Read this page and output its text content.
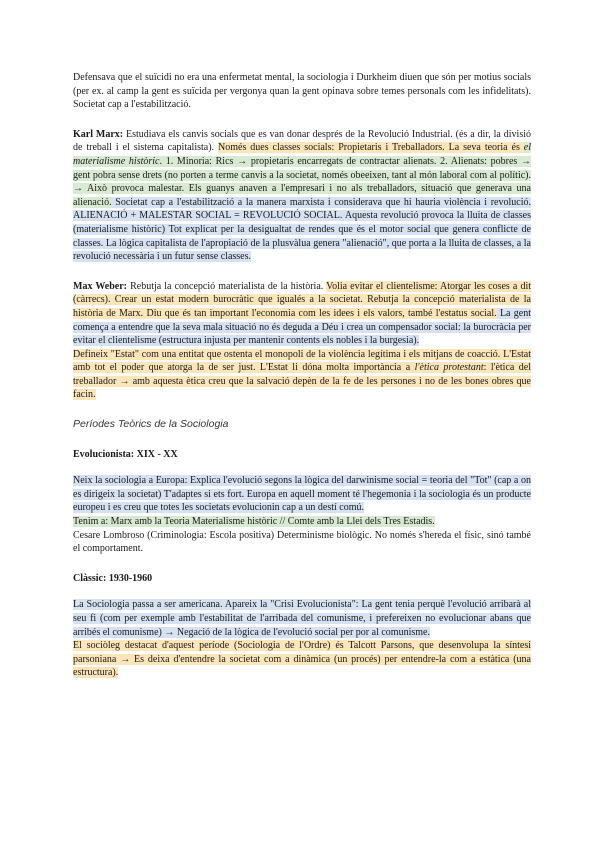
Defensava que el suïcidi no era una enfermetat mental, la sociologia i Durkheim diuen que són per motius socials (per ex. al camp la gent es suïcida per vergonya quan la gent opinava sobre temes personals com les infidelitats). Societat cap a l'estabilització.

Karl Marx: Estudiava els canvis socials que es van donar després de la Revolució Industrial. (és a dir, la divisió de treball i el sistema capitalista). Només dues classes socials: Propietaris i Treballadors. La seva teoria és el materialisme històric. 1. Minoria: Rics → propietaris encarregats de contractar alienats. 2. Alienats: pobres → gent pobra sense drets (no porten a terme canvis a la societat, només obeeixen, tant al món laboral com al polític). → Això provoca malestar. Els guanys anaven a l'empresari i no als treballadors, situació que generava una alienació. Societat cap a l'estabilització a la manera marxista i considerava que hi hauria violència i revolució. ALIENACIÓ + MALESTAR SOCIAL = REVOLUCIÓ SOCIAL. Aquesta revolució provoca la lluita de classes (materialisme històric) Tot explicat per la desigualtat de rendes que és el motor social que genera conflicte de classes. La lògica capitalista de l'apropiació de la plusvàlua genera "alienació", que porta a la lluita de classes, a la revolució necessària i un futur sense classes.

Max Weber: Rebutja la concepció materialista de la història. Volia evitar el clientelisme: Atorgar les coses a dit (càrrecs). Crear un estat modern burocràtic que igualés a la societat. Rebutja la concepció materialista de la història de Marx. Diu que és tan important l'economia com les idees i els valors, també l'estatus social. La gent comença a entendre que la seva mala situació no és deguda a Déu i crea un compensador social: la burocràcia per evitar el clientelisme (estructura injusta per mantenir contents els nobles i la burgesia).

Defineix "Estat" com una entitat que ostenta el monopoli de la violència legítima i els mitjans de coacció. L'Estat amb tot el poder que atorga la de ser just. L'Estat li dóna molta importància a l'ètica protestant: l'ètica del treballador → amb aquesta ètica creu que la salvació depèn de la fe de les persones i no de les bones obres que facin.

Períodes Teòrics de la Sociologia

Evolucionista: XIX - XX

Neix la sociologia a Europa: Explica l'evolució segons la lògica del darwinisme social = teoria del "Tot" (cap a on es dirigeix la societat) T'adaptes si ets fort. Europa en aquell moment té l'hegemonia i la sociologia és un producte europeu i es creu que totes les societats evolucionin cap a un destí comú.

Tenim a: Marx amb la Teoria Materialisme històric // Comte amb la Llei dels Tres Estadis.

Cesare Lombroso (Criminologia: Escola positiva) Determinisme biològic. No només s'hereda el físic, sinó també el comportament.

Clàssic: 1930-1960

La Sociologia passa a ser americana. Apareix la "Crisi Evolucionista": La gent tenia perquè l'evolució arribarà al seu fi (com per exemple amb l'estabilitat de l'arribada del comunisme, i prefereixen no evolucionar abans que arribés el comunisme) → Negació de la lògica de l'evolució social per por al comunisme.

El sociòleg destacat d'aquest període (Sociologia de l'Ordre) és Talcott Parsons, que desenvolupa la síntesi parsoniana → Es deixa d'entendre la societat com a dinàmica (un procés) per entendre-la com a estàtica (una estructura).
